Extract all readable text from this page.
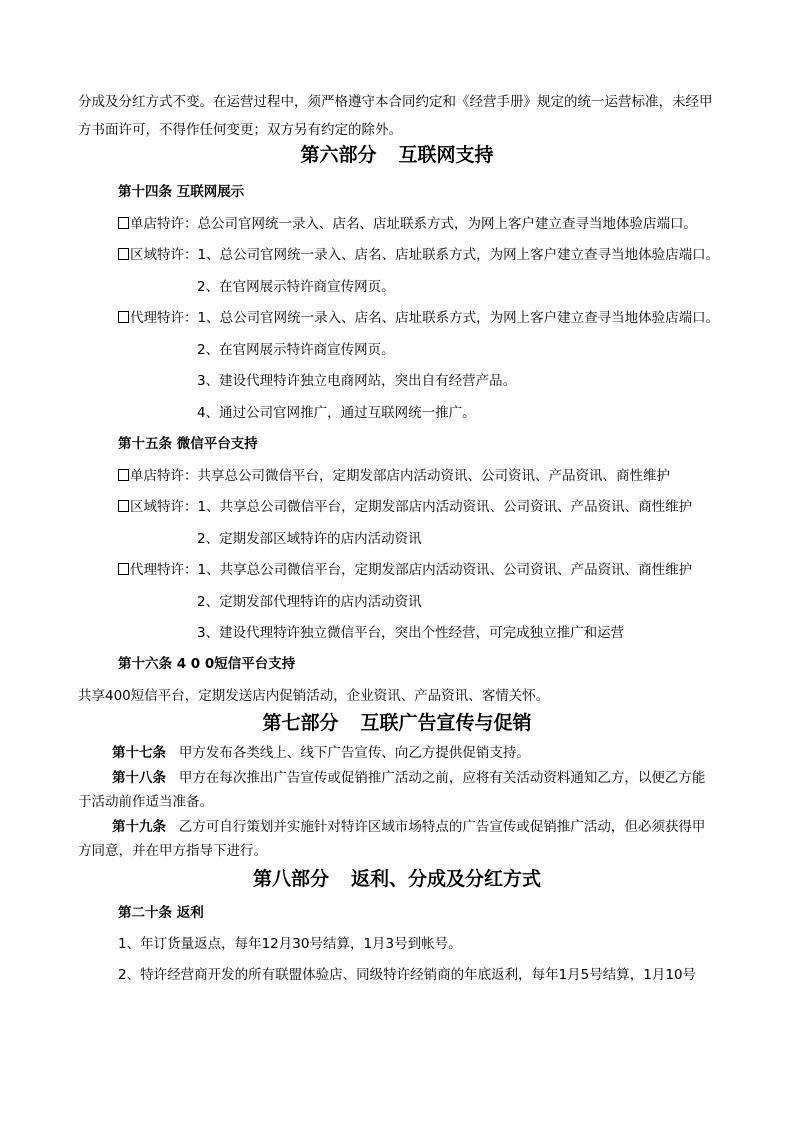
分成及分红方式不变。在运营过程中，须严格遵守本合同约定和《经营手册》规定的统一运营标准，未经甲
方书面许可，不得作任何变更；双方另有约定的除外。
第六部分 互联网支持
第十四条 互联网展示
单店特许：总公司官网统一录入、店名、店址联系方式，为网上客户建立查寻当地体验店端口。
区域特许：1、总公司官网统一录入、店名、店址联系方式，为网上客户建立查寻当地体验店端口。
2、在官网展示特许商宣传网页。
代理特许：1、总公司官网统一录入、店名、店址联系方式，为网上客户建立查寻当地体验店端口。
2、在官网展示特许商宣传网页。
3、建设代理特许独立电商网站，突出自有经营产品。
4、通过公司官网推广，通过互联网统一推广。
第十五条 微信平台支持
单店特许：共享总公司微信平台，定期发部店内活动资讯、公司资讯、产品资讯、商性维护
区域特许：1、共享总公司微信平台，定期发部店内活动资讯、公司资讯、产品资讯、商性维护
2、定期发部区域特许的店内活动资讯
代理特许：1、共享总公司微信平台，定期发部店内活动资讯、公司资讯、产品资讯、商性维护
2、定期发部代理特许的店内活动资讯
3、建设代理特许独立微信平台，突出个性经营，可完成独立推广和运营
第十六条 4 0 0短信平台支持
共享400短信平台，定期发送店内促销活动，企业资讯、产品资讯、客情关怀。
第七部分 互联广告宣传与促销
第十七条 甲方发布各类线上、线下广告宣传、向乙方提供促销支持。
第十八条 甲方在每次推出广告宣传或促销推广活动之前，应将有关活动资料通知乙方，以便乙方能
于活动前作适当准备。
第十九条 乙方可自行策划并实施针对特许区域市场特点的广告宣传或促销推广活动，但必须获得甲
方同意，并在甲方指导下进行。
第八部分 返利、分成及分红方式
第二十条 返利
1、年订货量返点，每年12月30号结算，1月3号到帐号。
2、特许经营商开发的所有联盟体验店、同级特许经销商的年底返利，每年1月5号结算，1月10号
